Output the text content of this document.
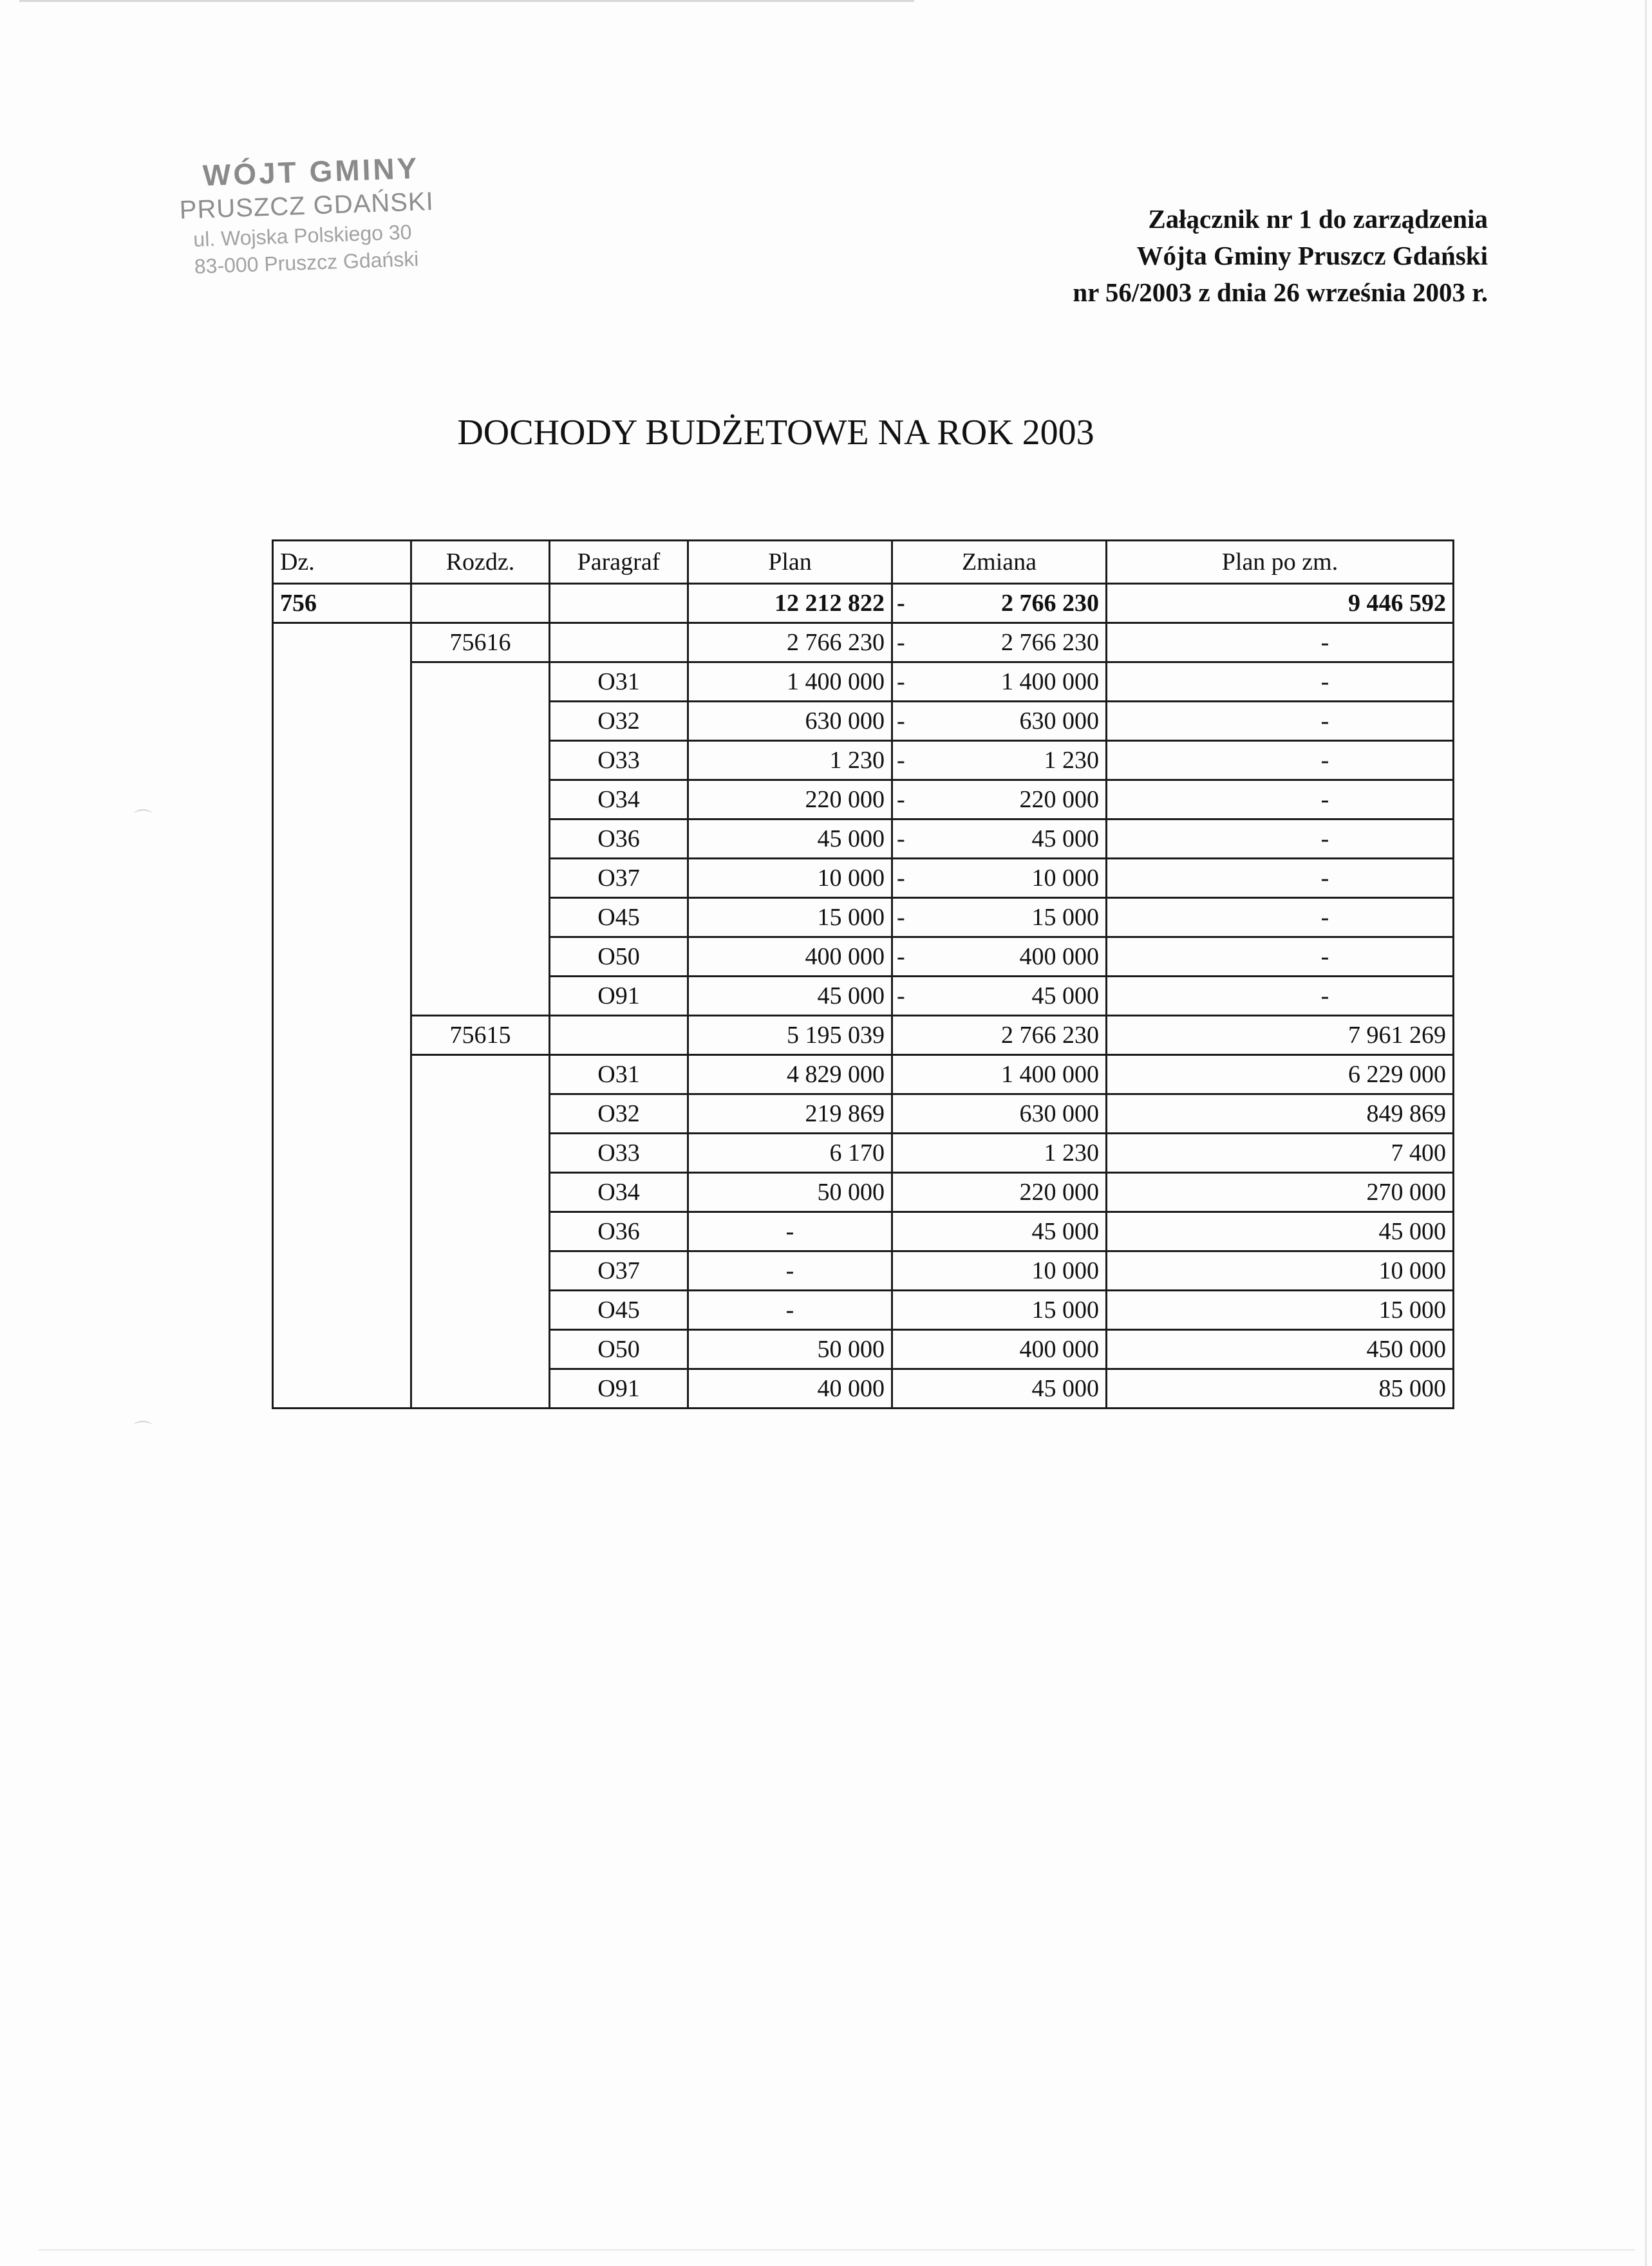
WÓJT GMINY
PRUSZCZ GDAŃSKI
ul. Wojska Polskiego 30
83-000 Pruszcz Gdański
Załącznik nr 1 do zarządzenia
Wójta Gminy Pruszcz Gdański
nr 56/2003 z dnia 26 września 2003 r.
DOCHODY BUDŻETOWE NA ROK 2003
Dz.	Rozdz.	Paragraf	Plan	Zmiana		Plan po zm.
756			12 212 822	-	2 766 230	9 446 592
	75616		2 766 230	-	2 766 230	-
		O31	1 400 000	-	1 400 000	-
		O32	630 000	-	630 000	-
		O33	1 230	-	1 230	-
		O34	220 000	-	220 000	-
		O36	45 000	-	45 000	-
		O37	10 000	-	10 000	-
		O45	15 000	-	15 000	-
		O50	400 000	-	400 000	-
		O91	45 000	-	45 000	-
	75615		5 195 039		2 766 230	7 961 269
		O31	4 829 000		1 400 000	6 229 000
		O32	219 869		630 000	849 869
		O33	6 170		1 230	7 400
		O34	50 000		220 000	270 000
		O36	-		45 000	45 000
		O37	-		10 000	10 000
		O45	-		15 000	15 000
		O50	50 000		400 000	450 000
		O91	40 000		45 000	85 000
⌒
⌒
